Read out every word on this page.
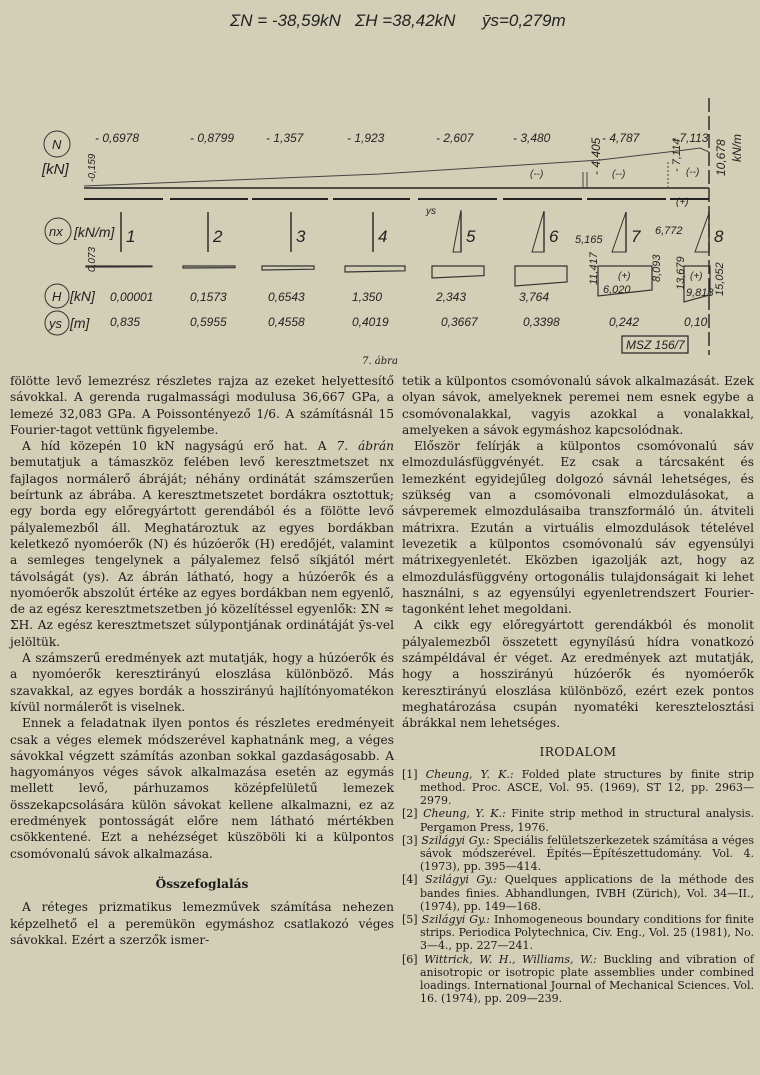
ΣN = -38,59kN ΣH =38,42kN ȳs=0,279m
N
[kN] -0,159
- 0,6978	- 0,8799	- 1,357	- 1,923	- 2,607	- 3,480	- 4,787	- 7,113
(--)	(--)	(--)
- 4,405	- 7,114	10,678 kN/m
nx [kN/m]
0,073
1	2	3	4	5	6	7	8
ys
5,165
6,772
11,417	8,093 13,679 15,052
(+)	(+)
(+)
H [kN] 0,00001	0,1573	0,6543	1,350	2,343	3,764	6,020	9,818
ys [m] 0,835	0,5955	0,4558	0,4019	0,3667	0,3398	0,242	0,10
MSZ 156/7
7. ábra

fölötte levő lemezrész részletes rajza az ezeket helyettesítő sávokkal. A gerenda rugalmassági modulusa 36,667 GPa, a lemezé 32,083 GPa. A Poissontényező 1/6. A számításnál 15 Fourier-tagot vettünk figyelembe.

A híd közepén 10 kN nagyságú erő hat. A 7. ábrán bemutatjuk a támaszköz felében levő keresztmetszet nx fajlagos normálerő ábráját; néhány ordinátát számszerűen beírtunk az ábrába. A keresztmetszetet bordákra osztottuk; egy borda egy előregyártott gerendából és a fölötte levő pályalemezből áll. Meghatároztuk az egyes bordákban keletkező nyomóerők (N) és húzóerők (H) eredőjét, valamint a semleges tengelynek a pályalemez felső síkjától mért távolságát (ys). Az ábrán látható, hogy a húzóerők és a nyomóerők abszolút értéke az egyes bordákban nem egyenlő, de az egész keresztmetszetben jó közelítéssel egyenlők: ΣN ≈ ΣH. Az egész keresztmetszet súlypontjának ordinátáját ȳs-vel jelöltük.

A számszerű eredmények azt mutatják, hogy a húzóerők és a nyomóerők keresztirányú eloszlása különböző. Más szavakkal, az egyes bordák a hosszirányú hajlítónyomatékon kívül normálerőt is viselnek.

Ennek a feladatnak ilyen pontos és részletes eredményeit csak a véges elemek módszerével kaphatnánk meg, a véges sávokkal végzett számítás azonban sokkal gazdaságosabb. A hagyományos véges sávok alkalmazása esetén az egymás mellett levő, párhuzamos középfelületű lemezek összekapcsolására külön sávokat kellene alkalmazni, ez az eredmények pontosságát előre nem látható mértékben csökkentené. Ezt a nehézséget küszöböli ki a külpontos csomóvonalú sávok alkalmazása.

Összefoglalás

A réteges prizmatikus lemezművek számítása nehezen képzelhető el a peremükön egymáshoz csatlakozó véges sávokkal. Ezért a szerzők ismer-

tetik a külpontos csomóvonalú sávok alkalmazását. Ezek olyan sávok, amelyeknek peremei nem esnek egybe a csomóvonalakkal, vagyis azokkal a vonalakkal, amelyeken a sávok egymáshoz kapcsolódnak.

Először felírják a külpontos csomóvonalú sáv elmozdulásfüggvényét. Ez csak a tárcsaként és lemezként egyidejűleg dolgozó sávnál lehetséges, és szükség van a csomóvonali elmozdulásokat, a sávperemek elmozdulásaiba transzformáló ún. átviteli mátrixra. Ezután a virtuális elmozdulások tételével levezetik a külpontos csomóvonalú sáv egyensúlyi mátrixegyenletét. Eközben igazolják azt, hogy az elmozdulásfüggvény ortogonális tulajdonságait ki lehet használni, s az egyensúlyi egyenletrendszert Fourier-tagonként lehet megoldani.

A cikk egy előregyártott gerendákból és monolit pályalemezből összetett egynyílású hídra vonatkozó számpéldával ér véget. Az eredmények azt mutatják, hogy a hosszirányú húzóerők és nyomóerők keresztirányú eloszlása különböző, ezért ezek pontos meghatározása csupán nyomatéki keresztelosztási ábrákkal nem lehetséges.

IRODALOM

[1] Cheung, Y. K.: Folded plate structures by finite strip method. Proc. ASCE, Vol. 95. (1969), ST 12, pp. 2963—2979.

[2] Cheung, Y. K.: Finite strip method in structural analysis. Pergamon Press, 1976.

[3] Szilágyi Gy.: Speciális felületszerkezetek számítása a véges sávok módszerével. Építés—Építészettudomány. Vol. 4. (1973), pp. 395—414.

[4] Szilágyi Gy.: Quelques applications de la méthode des bandes finies. Abhandlungen, IVBH (Zürich), Vol. 34—II., (1974), pp. 149—168.

[5] Szilágyi Gy.: Inhomogeneous boundary conditions for finite strips. Periodica Polytechnica, Civ. Eng., Vol. 25 (1981), No. 3—4., pp. 227—241.

[6] Wittrick, W. H., Williams, W.: Buckling and vibration of anisotropic or isotropic plate assemblies under combined loadings. International Journal of Mechanical Sciences. Vol. 16. (1974), pp. 209—239.
